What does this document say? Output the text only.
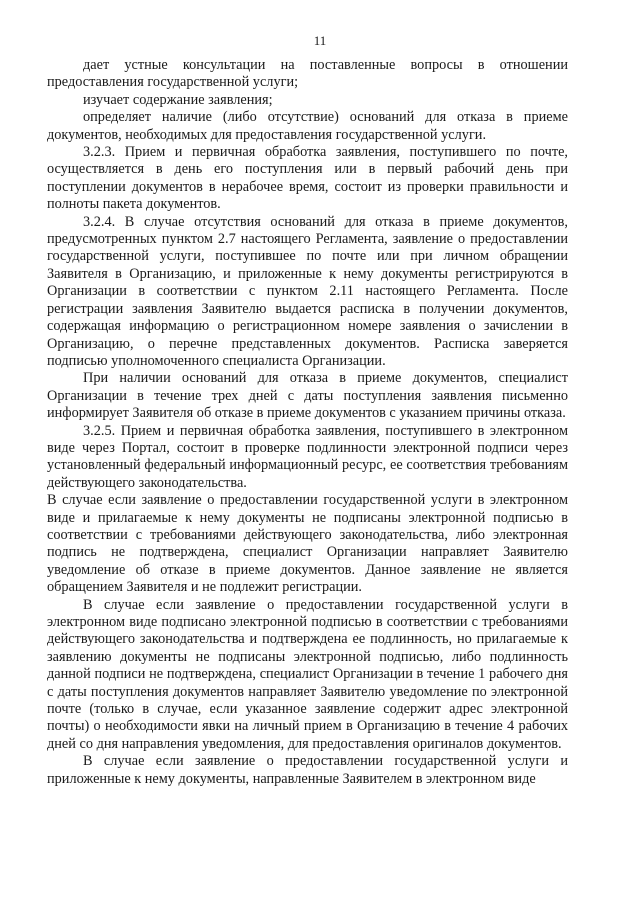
11

дает устные консультации на поставленные вопросы в отношении предоставления государственной услуги;

изучает содержание заявления;

определяет наличие (либо отсутствие) оснований для отказа в приеме документов, необходимых для предоставления государственной услуги.

3.2.3. Прием и первичная обработка заявления, поступившего по почте, осуществляется в день его поступления или в первый рабочий день при поступлении документов в нерабочее время, состоит из проверки правильности и полноты пакета документов.

3.2.4. В случае отсутствия оснований для отказа в приеме документов, предусмотренных пунктом 2.7 настоящего Регламента, заявление о предоставлении государственной услуги, поступившее по почте или при личном обращении Заявителя в Организацию, и приложенные к нему документы регистрируются в Организации в соответствии с пунктом 2.11 настоящего Регламента. После регистрации заявления Заявителю выдается расписка в получении документов, содержащая информацию о регистрационном номере заявления о зачислении в Организацию, о перечне представленных документов. Расписка заверяется подписью уполномоченного специалиста Организации.

При наличии оснований для отказа в приеме документов, специалист Организации в течение трех дней с даты поступления заявления письменно информирует Заявителя об отказе в приеме документов с указанием причины отказа.

3.2.5. Прием и первичная обработка заявления, поступившего в электронном виде через Портал, состоит в проверке подлинности электронной подписи через установленный федеральный информационный ресурс, ее соответствия требованиям действующего законодательства.

В случае если заявление о предоставлении государственной услуги в электронном виде и прилагаемые к нему документы не подписаны электронной подписью в соответствии с требованиями действующего законодательства, либо электронная подпись не подтверждена, специалист Организации направляет Заявителю уведомление об отказе в приеме документов. Данное заявление не является обращением Заявителя и не подлежит регистрации.

В случае если заявление о предоставлении государственной услуги в электронном виде подписано электронной подписью в соответствии с требованиями действующего законодательства и подтверждена ее подлинность, но прилагаемые к заявлению документы не подписаны электронной подписью, либо подлинность данной подписи не подтверждена, специалист Организации в течение 1 рабочего дня с даты поступления документов направляет Заявителю уведомление по электронной почте (только в случае, если указанное заявление содержит адрес электронной почты) о необходимости явки на личный прием в Организацию в течение 4 рабочих дней со дня направления уведомления, для предоставления оригиналов документов.

В случае если заявление о предоставлении государственной услуги и приложенные к нему документы, направленные Заявителем в электронном виде
